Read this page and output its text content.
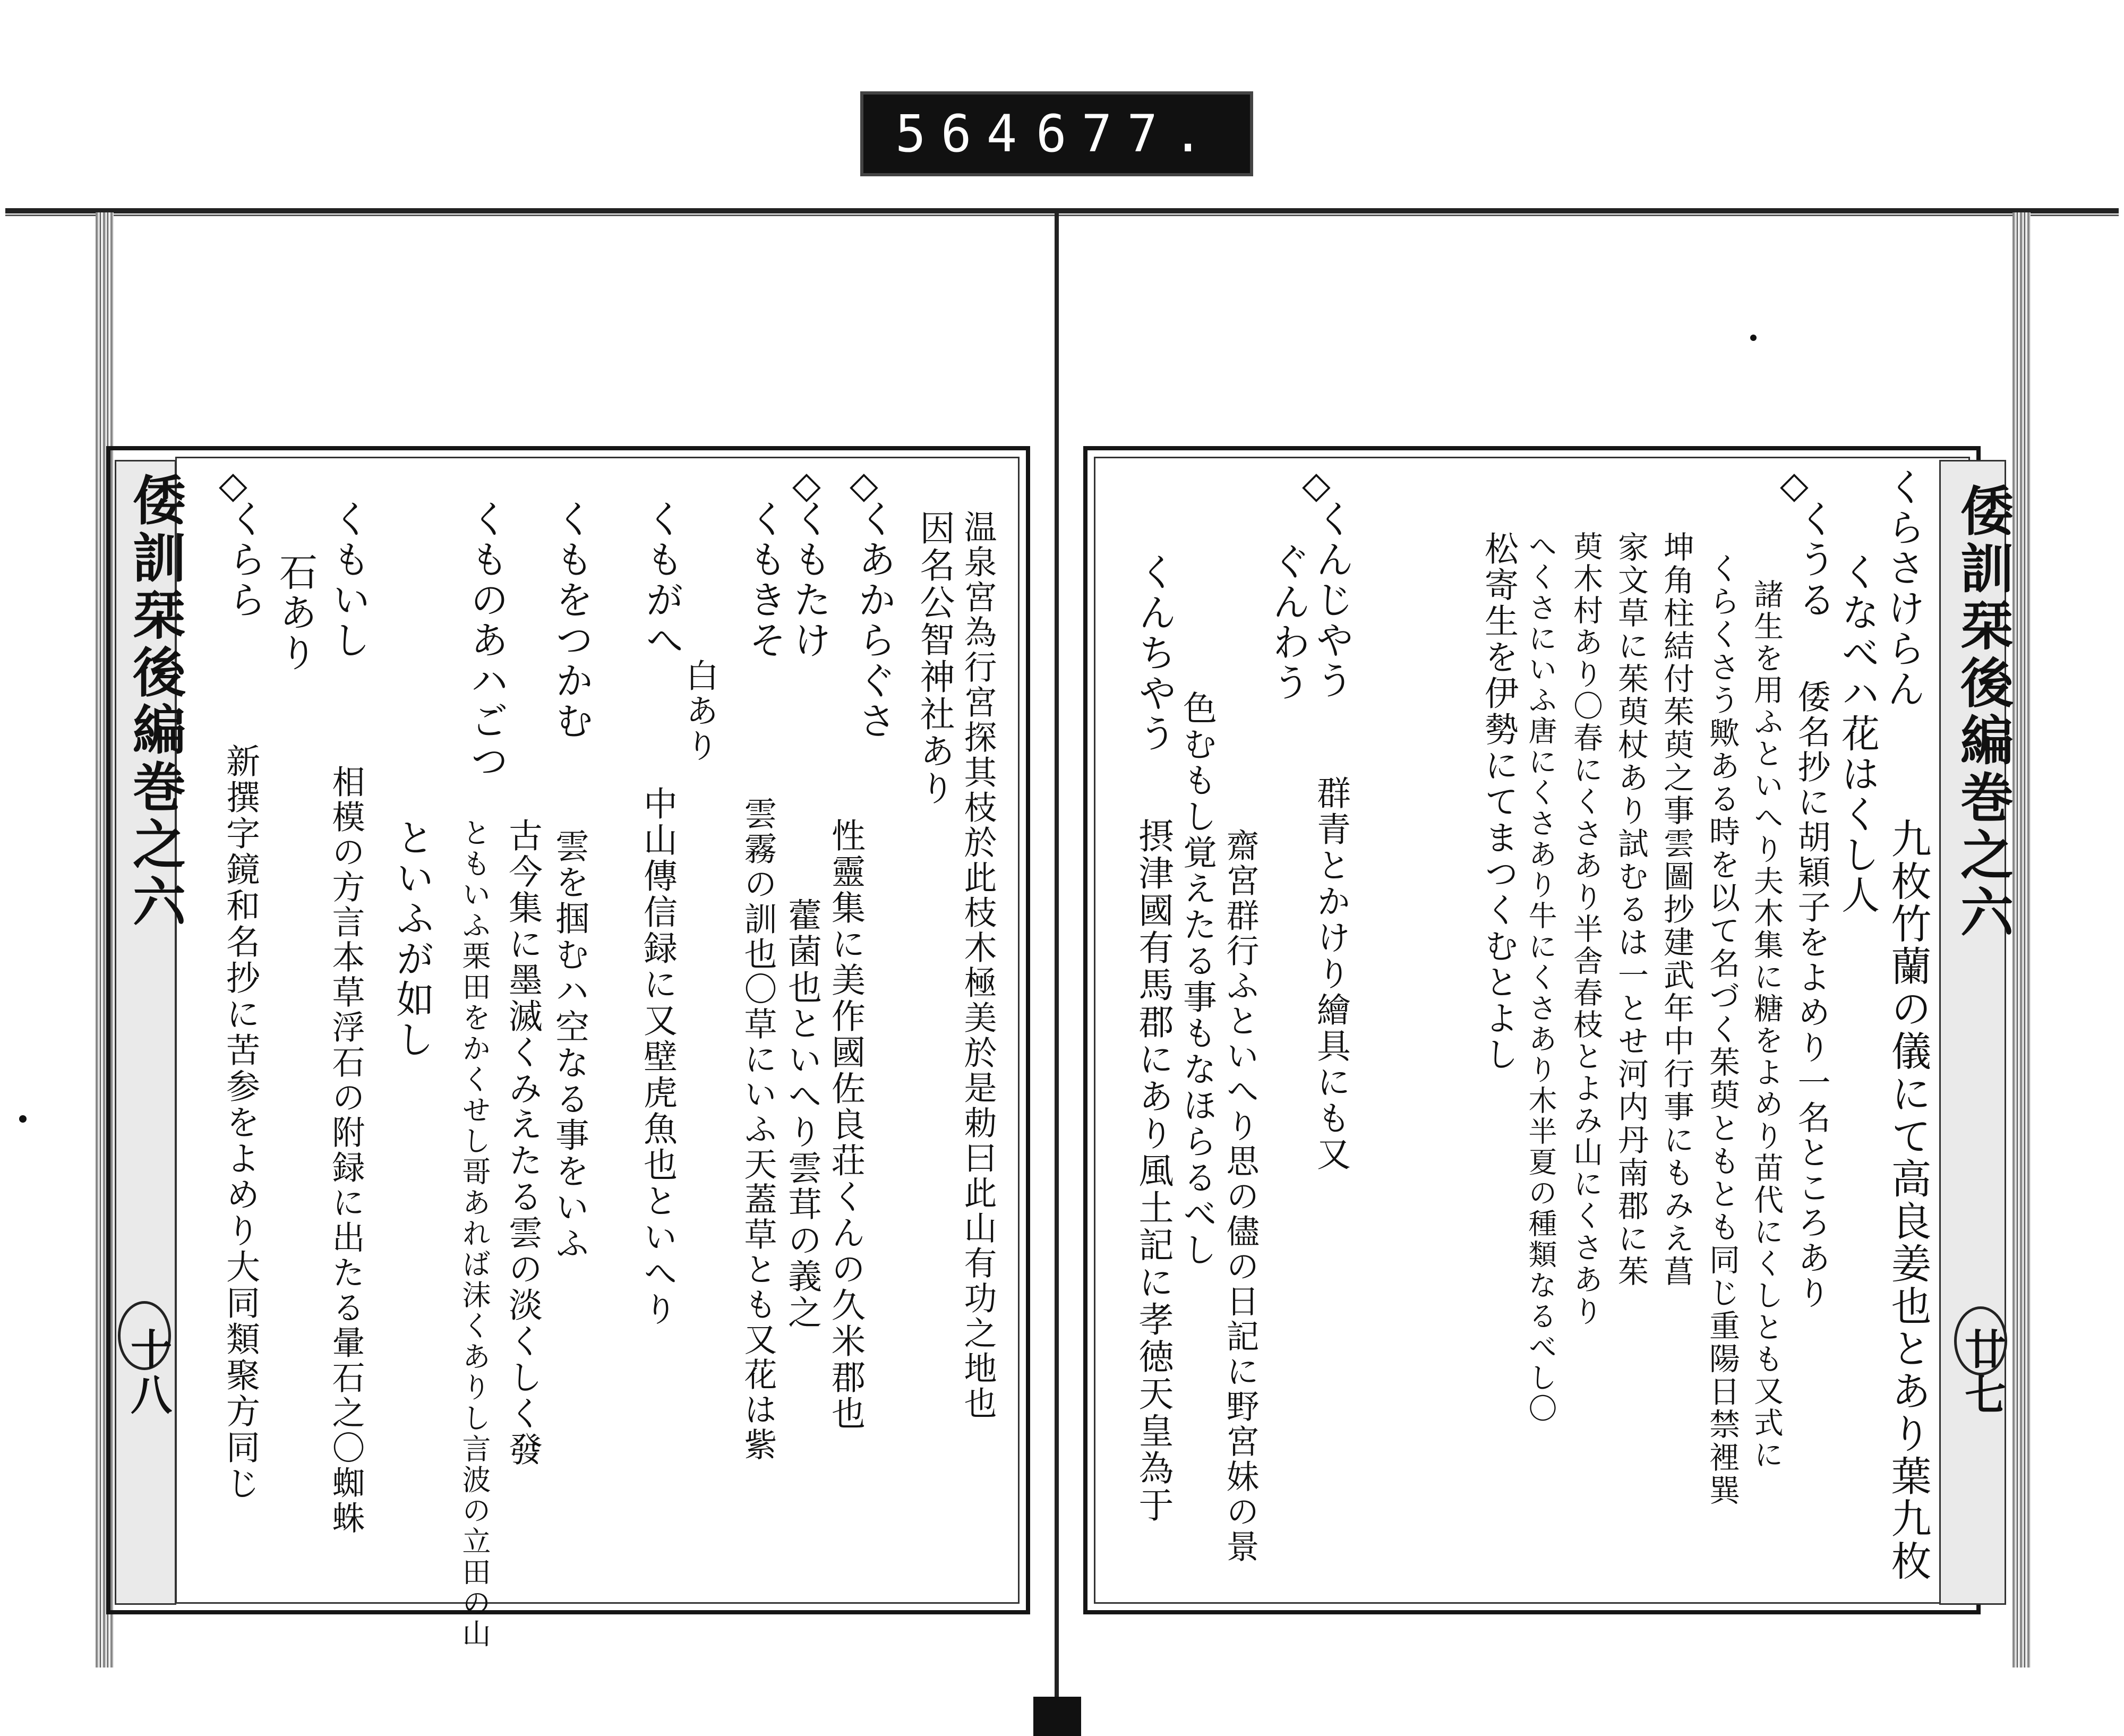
564 677.
倭訓栞後編巻之六
廿七
◇
◇	くらさけらん
くなべハ花はくし人
九枚竹蘭の儀にて高良姜也とあり葉九枚
くうる
諸生を用ふといへり夫木集に糖をよめり苗代にくしとも又式に
くらくさう歟ある時を以て名づく茱萸ともとも同じ重陽日禁裡巽 倭名抄に胡穎子をよめり一名ところあり
坤角柱結付茱萸之事雲圖抄建武年中行事にもみえ菖
家文草に茱萸杖あり試むるは一とせ河内丹南郡に茱
萸木村あり〇春にくさあり半舎春枝とよみ山にくさあり
へくさにいふ唐にくさあり牛にくさあり木半夏の種類なるべし〇
松寄生を伊勢にてまつくむとよし
くんじやう
群青とかけり繪具にも又
ぐんわう
齋宮群行ふといへり思の儘の日記に野宮妹の景
色むもし覚えたる事もなほらるべし
くんちやう
摂津國有馬郡にあり風土記に孝徳天皇為于
倭訓栞後編巻之六
十八
◇
◇
◇
温泉宮為行宮探其枝於此枝木極美於是勅曰此山有功之地也
因名公智神社あり
くあからぐさ
性靈集に美作國佐良荘くんの久米郡也
くもたけ
藿菌也といへり雲茸の義之
くもきそ
雲霧の訓也〇草にいふ天蓋草とも又花は紫
白あり
くもがへ
中山傳信録に又壁虎魚也といへり
くもをつかむ
雲を掴むハ空なる事をいふ
くものあハごつ
古今集に墨滅くみえたる雲の淡くしく發
ともいふ栗田をかくせし哥あれば沫くありし言波の立田の山
といふが如し
くもいし
相模の方言本草浮石の附録に出たる暈石之〇蜘蛛
石あり
くらら
新撰字鏡和名抄に苦参をよめり大同類聚方同じ
